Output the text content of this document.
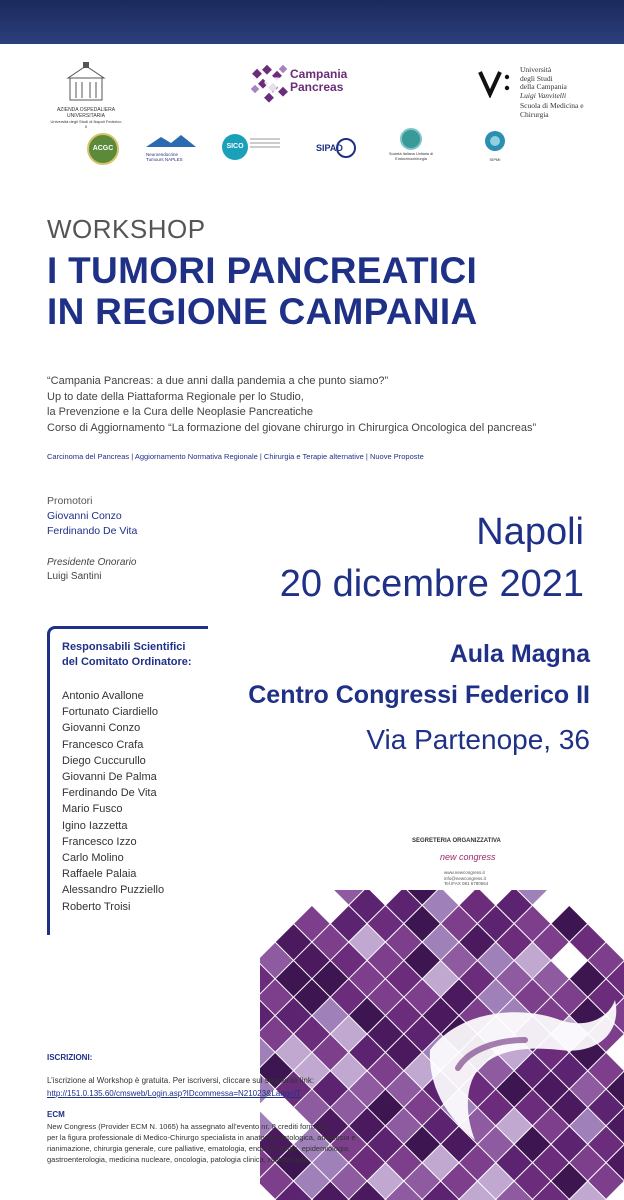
AZIENDA OSPEDALIERA UNIVERSITARIA
Università degli Studi di Napoli Federico II
Campania
Pancreas
Università
degli Studi
della Campania
Luigi Vanvitelli
Scuola di Medicina e
Chirurgia
ACGC
Neuroendocrine Tumours NAPLES
SICO	SIPAD
Società Italiana Unitaria di Endocrinochirurgia	SIPMI
WORKSHOP
I TUMORI PANCREATICI
IN REGIONE CAMPANIA
“Campania Pancreas: a due anni dalla pandemia a che punto siamo?”
Up to date della Piattaforma Regionale per lo Studio,
la Prevenzione e la Cura delle Neoplasie Pancreatiche
Corso di Aggiornamento “La formazione del giovane chirurgo in Chirurgica Oncologica del pancreas”
Carcinoma del Pancreas | Aggiornamento Normativa Regionale | Chirurgia e Terapie alternative | Nuove Proposte
Promotori
Giovanni Conzo
Ferdinando De Vita
Presidente Onorario
Luigi Santini
Napoli
20 dicembre 2021
Aula Magna
Centro Congressi Federico II
Via Partenope, 36
Responsabili Scientifici
del Comitato Ordinatore:
Antonio Avallone
Fortunato Ciardiello
Giovanni Conzo
Francesco Crafa
Diego Cuccurullo
Giovanni De Palma
Ferdinando De Vita
Mario Fusco
Igino Iazzetta
Francesco Izzo
Carlo Molino
Raffaele Palaia
Alessandro Puzziello
Roberto Troisi
SEGRETERIA ORGANIZZATIVA
new congress
www.newcongress.it
info@newcongress.it
Tel./FAX 081 6780564
ISCRIZIONI:
L’iscrizione al Workshop è gratuita. Per iscriversi, cliccare sul seguente link:
http://151.0.135.60/cmsweb/Login.asp?IDcommessa=N21023&Lang=IT
ECM
New Congress (Provider ECM N. 1065) ha assegnato all’evento nr. 8 crediti formativi
per la figura professionale di Medico-Chirurgo specialista in anatomia patologica, anestesia e
rianimazione, chirurgia generale, cure palliative, ematologia, endocrinologia, epidemiologia,
gastroenterologia, medicina nucleare, oncologia, patologia clinica, radioterapia.
